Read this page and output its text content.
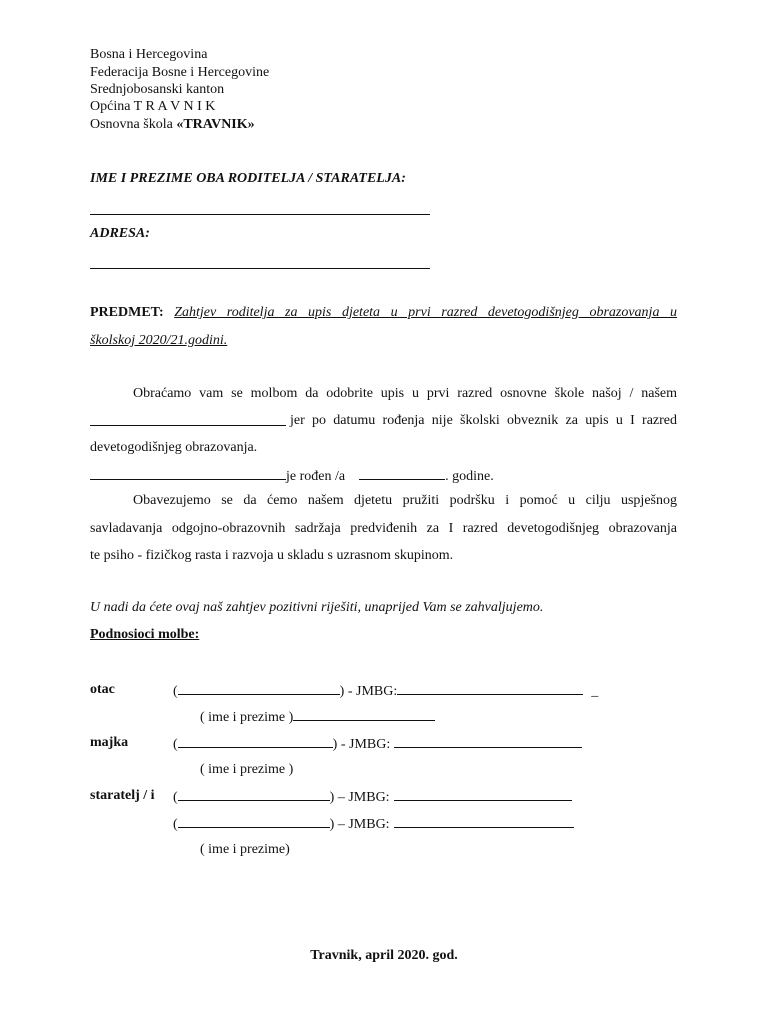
Bosna i Hercegovina
Federacija Bosne i Hercegovine
Srednjobosanski kanton
Općina T R A V N I K
Osnovna škola «TRAVNIK»
IME I PREZIME OBA RODITELJA / STARATELJA:
ADRESA:
PREDMET: Zahtjev roditelja za upis djeteta u prvi razred devetogodišnjeg obrazovanja u
školskoj 2020/21.godini.
Obraćamo vam se molbom da odobrite upis u prvi razred osnovne škole našoj / našem
jer po datumu rođenja nije školski obveznik za upis u I razred
devetogodišnjeg obrazovanja.
je rođen /a	. godine.
Obavezujemo se da ćemo našem djetetu pružiti podršku i pomoć u cilju uspješnog
savladavanja odgojno-obrazovnih sadržaja predviđenih za I razred devetogodišnjeg obrazovanja
te psiho - fizičkog rasta i razvoja u skladu s uzrasnom skupinom.
U nadi da ćete ovaj naš zahtjev pozitivni riješiti, unaprijed Vam se zahvaljujemo.
Podnosioci molbe:
otac	(	) - JMBG:	_
( ime i prezime )
majka	(	) - JMBG:
( ime i prezime )
staratelj / i (	) – JMBG:
(	) – JMBG:
( ime i prezime)
Travnik, april 2020. god.
